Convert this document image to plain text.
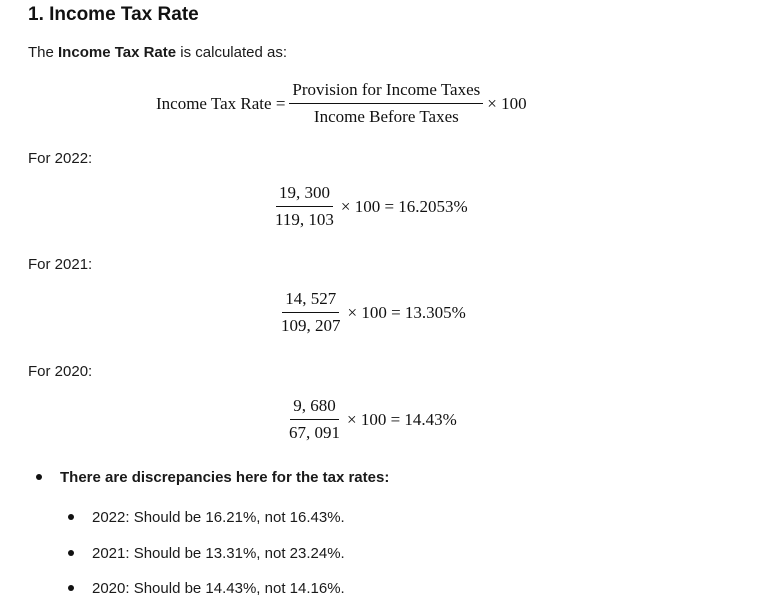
1. Income Tax Rate
The Income Tax Rate is calculated as:
Income Tax Rate = $\frac{\text{Provision for Income Taxes}}{\text{Income Before Taxes}} \times 100$
For 2022:
$\frac{19, 300}{119, 103} \times 100 = 16.2053\%$
For 2021:
$\frac{14, 527}{109, 207} \times 100 = 13.305\%$
For 2020:
$\frac{9, 680}{67, 091} \times 100 = 14.43\%$
There are discrepancies here for the tax rates:
2022: Should be 16.21%, not 16.43%.
2021: Should be 13.31%, not 23.24%.
2020: Should be 14.43%, not 14.16%.
